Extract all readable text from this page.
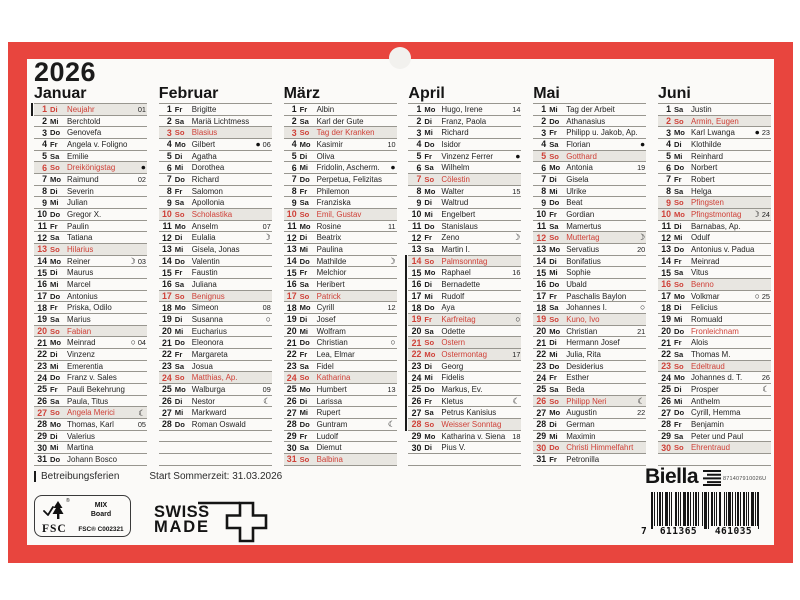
2026
Januar
1 Di	Neujahr	01
2 Mi	Berchtold
3 Do Genovefa
4 Fr	Angela v. Foligno
5 Sa Emilie
6 So Dreikönigstag	●
7 Mo Raimund	02
8 Di	Severin
9 Mi	Julian
10 Do Gregor X.
11 Fr	Paulin
12 Sa Tatiana
13 So Hilarius
14 Mo Reiner	☽ 03
15 Di	Maurus
16 Mi	Marcel
17 Do Antonius
18 Fr	Priska, Odilo
19 Sa Marius
20 So Fabian
21 Mo Meinrad	○ 04
22 Di	Vinzenz
23 Mi	Emerentia
24 Do Franz v. Sales
25 Fr	Pauli Bekehrung
26 Sa Paula, Titus
27 So Angela Merici	☾
28 Mo Thomas, Karl	05
29 Di	Valerius
30 Mi	Martina
31 Do Johann Bosco
Februar
1 Fr	Brigitte
2 Sa Mariä Lichtmess
3 So Blasius
4 Mo Gilbert	● 06
5 Di	Agatha
6 Mi	Dorothea
7 Do Richard
8 Fr	Salomon
9 Sa Apollonia
10 So Scholastika
11 Mo Anselm	07
12 Di	Eulalia	☽
13 Mi	Gisela, Jonas
14 Do Valentin
15 Fr	Faustin
16 Sa Juliana
17 So Benignus
18 Mo Simeon	08
19 Di	Susanna	○
20 Mi	Eucharius
21 Do Eleonora
22 Fr	Margareta
23 Sa Josua
24 So Matthias, Ap.
25 Mo Walburga	09
26 Di	Nestor	☾
27 Mi	Markward
28 Do Roman Oswald
März
1 Fr	Albin
2 Sa Karl der Gute
3 So Tag der Kranken
4 Mo Kasimir	10
5 Di	Oliva
6 Mi	Fridolin, Ascherm.	●
7 Do Perpetua, Felizitas
8 Fr	Philemon
9 Sa Franziska
10 So Emil, Gustav
11 Mo Rosine	11
12 Di	Beatrix
13 Mi	Paulina
14 Do Mathilde	☽
15 Fr	Melchior
16 Sa Heribert
17 So Patrick
18 Mo Cyrill	12
19 Di	Josef
20 Mi	Wolfram
21 Do Christian	○
22 Fr	Lea, Elmar
23 Sa Fidel
24 So Katharina
25 Mo Humbert	13
26 Di	Larissa
27 Mi	Rupert
28 Do Guntram	☾
29 Fr	Ludolf
30 Sa Diemut
31 So Balbina
April
1 Mo Hugo, Irene	14
2 Di	Franz, Paola
3 Mi	Richard
4 Do Isidor
5 Fr	Vinzenz Ferrer	●
6 Sa Wilhelm
7 So Cölestin
8 Mo Walter	15
9 Di	Waltrud
10 Mi	Engelbert
11 Do Stanislaus
12 Fr	Zeno	☽
13 Sa Martin I.
14 So Palmsonntag
15 Mo Raphael	16
16 Di	Bernadette
17 Mi	Rudolf
18 Do Aya
19 Fr	Karfreitag	○
20 Sa Odette
21 So Ostern
22 Mo Ostermontag	17
23 Di	Georg
24 Mi	Fidelis
25 Do Markus, Ev.
26 Fr	Kletus	☾
27 Sa Petrus Kanisius
28 So Weisser Sonntag
29 Mo Katharina v. Siena 18
30 Di	Pius V.
Mai
1 Mi	Tag der Arbeit
2 Do Athanasius
3 Fr	Philipp u. Jakob, Ap.
4 Sa Florian	●
5 So Gotthard
6 Mo Antonia	19
7 Di	Gisela
8 Mi	Ulrike
9 Do Beat
10 Fr	Gordian
11 Sa Mamertus
12 So Muttertag	☽
13 Mo Servatius	20
14 Di	Bonifatius
15 Mi	Sophie
16 Do Ubald
17 Fr	Paschalis Baylon
18 Sa Johannes I.	○
19 So Kuno, Ivo
20 Mo Christian	21
21 Di	Hermann Josef
22 Mi	Julia, Rita
23 Do Desiderius
24 Fr	Esther
25 Sa Beda
26 So Philipp Neri	☾
27 Mo Augustin	22
28 Di	German
29 Mi	Maximin
30 Do Christi Himmelfahrt
31 Fr	Petronilla
Juni
1 Sa Justin
2 So Armin, Eugen
3 Mo Karl Lwanga	● 23
4 Di	Klothilde
5 Mi	Reinhard
6 Do Norbert
7 Fr	Robert
8 Sa Helga
9 So Pfingsten
10 Mo Pfingstmontag	☽ 24
11 Di	Barnabas, Ap.
12 Mi	Odulf
13 Do Antonius v. Padua
14 Fr	Meinrad
15 Sa Vitus
16 So Benno
17 Mo Volkmar	○ 25
18 Di	Felicius
19 Mi	Romuald
20 Do Fronleichnam
21 Fr	Alois
22 Sa Thomas M.
23 So Edeltraud
24 Mo Johannes d. T.	26
25 Di	Prosper	☾
26 Mi	Anthelm
27 Do Cyrill, Hemma
28 Fr	Benjamin
29 Sa Peter und Paul
30 So Ehrentraud
Betreibungsferien	Start Sommerzeit: 31.03.2026
®
MIX
Board
FSC	FSC® C002321
SWISS
MADE
Biella	871407910026U
7	611365	461035
